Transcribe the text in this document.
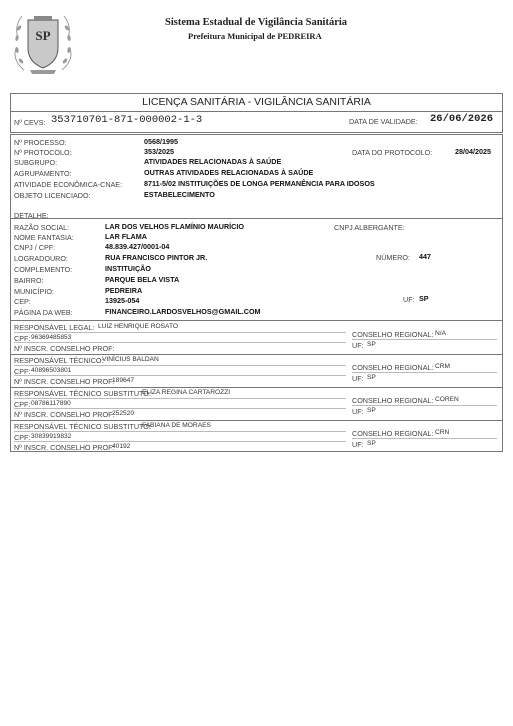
SP
Sistema Estadual de Vigilância Sanitária
Prefeitura Municipal de PEDREIRA
LICENÇA SANITÁRIA - VIGILÂNCIA SANITÁRIA
Nº CEVS: 353710701-871-000002-1-3	DATA DE VALIDADE: 26/06/2026
Nº PROCESSO:	0568/1995
Nº PROTOCOLO:	353/2025
SUBGRUPO:	ATIVIDADES RELACIONADAS À SAÚDE
AGRUPAMENTO:	OUTRAS ATIVIDADES RELACIONADAS À SAÚDE
ATIVIDADE ECONÔMICA-CNAE:	8711-5/02 INSTITUIÇÕES DE LONGA PERMANÊNCIA PARA IDOSOS
OBJETO LICENCIADO:	ESTABELECIMENTO
DATA DO PROTOCOLO:	28/04/2025
DETALHE:
RAZÃO SOCIAL:	LAR DOS VELHOS FLAMÍNIO MAURÍCIO
NOME FANTASIA:	LAR FLAMA
CNPJ / CPF:	48.839.427/0001-04
LOGRADOURO:	RUA FRANCISCO PINTOR JR.
COMPLEMENTO:	INSTITUIÇÃO
BAIRRO:	PARQUE BELA VISTA
MUNICÍPIO:	PEDREIRA
CEP:	13925-054
PÁGINA DA WEB:	FINANCEIRO.LARDOSVELHOS@GMAIL.COM
CNPJ ALBERGANTE:
NÚMERO: 447
UF: SP
RESPONSÁVEL LEGAL: LUIZ HENRIQUE ROSATO
CPF: 96369485853
Nº INSCR. CONSELHO PROF:
CONSELHO REGIONAL: N/A
UF: SP
RESPONSÁVEL TÉCNICO:
VINÍCIUS BALDAN
CPF: 40896503801
Nº INSCR. CONSELHO PROF:
189647
CONSELHO REGIONAL: CRM
UF: SP
RESPONSÁVEL TÉCNICO SUBSTITUTO:
ELIZA REGINA CARTAROZZI
CPF: 08786117890
Nº INSCR. CONSELHO PROF:
252520
CONSELHO REGIONAL: COREN
UF: SP
RESPONSÁVEL TÉCNICO SUBSTITUTO:
FABIANA DE MORAES
CPF: 30839919832
Nº INSCR. CONSELHO PROF:
40192
CONSELHO REGIONAL: CRN
UF: SP
